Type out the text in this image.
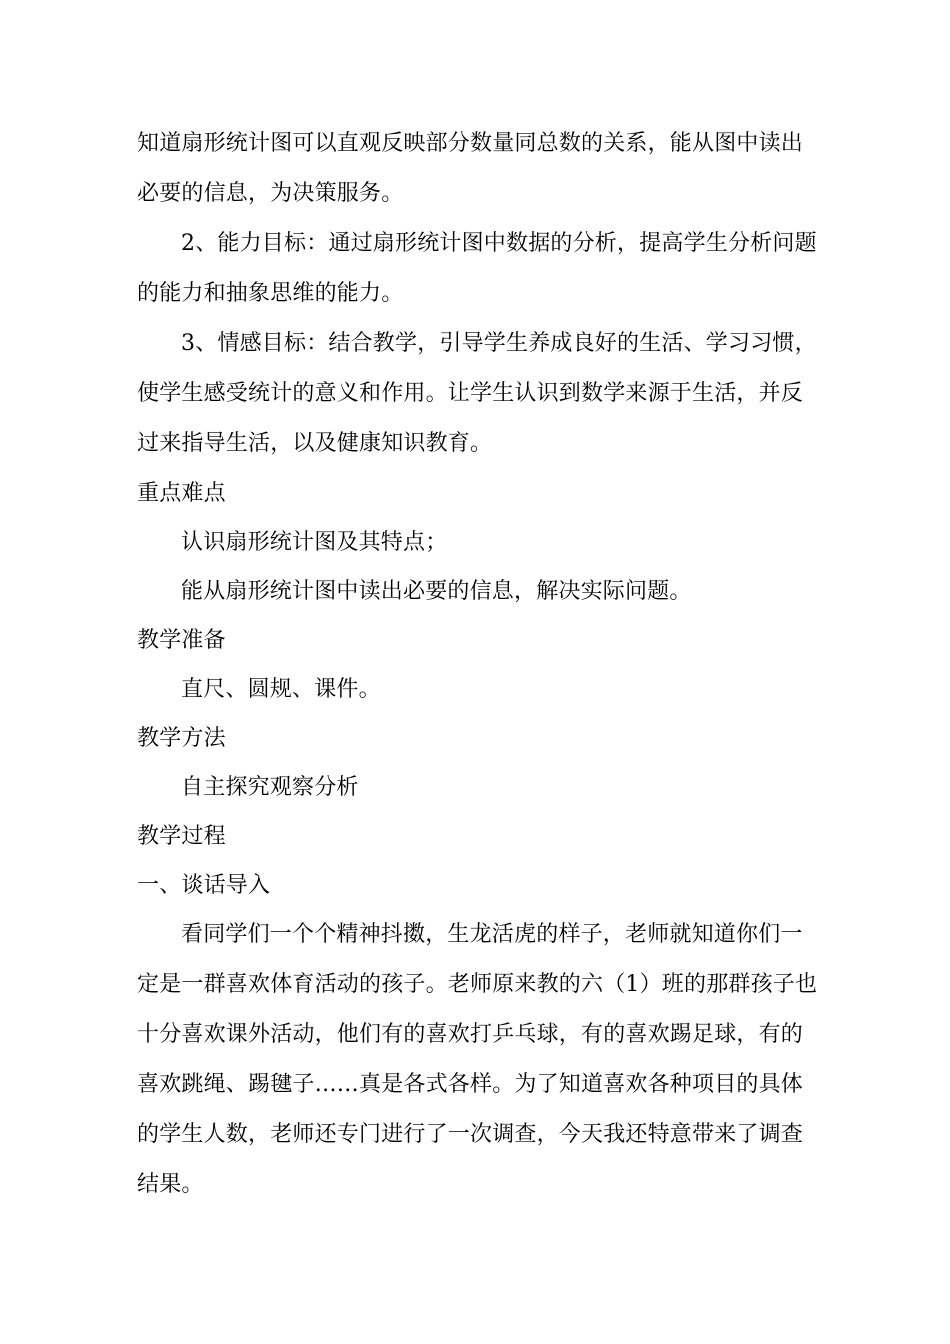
知道扇形统计图可以直观反映部分数量同总数的关系，能从图中读出
必要的信息，为决策服务。
2、能力目标：通过扇形统计图中数据的分析，提高学生分析问题
的能力和抽象思维的能力。
3、情感目标：结合教学，引导学生养成良好的生活、学习习惯，
使学生感受统计的意义和作用。让学生认识到数学来源于生活，并反
过来指导生活，以及健康知识教育。
重点难点
认识扇形统计图及其特点；
能从扇形统计图中读出必要的信息，解决实际问题。
教学准备
直尺、圆规、课件。
教学方法
自主探究观察分析
教学过程
一、谈话导入
看同学们一个个精神抖擞，生龙活虎的样子，老师就知道你们一
定是一群喜欢体育活动的孩子。老师原来教的六（1）班的那群孩子也
十分喜欢课外活动，他们有的喜欢打乒乓球，有的喜欢踢足球，有的
喜欢跳绳、踢毽子……真是各式各样。为了知道喜欢各种项目的具体
的学生人数，老师还专门进行了一次调查，今天我还特意带来了调查
结果。
